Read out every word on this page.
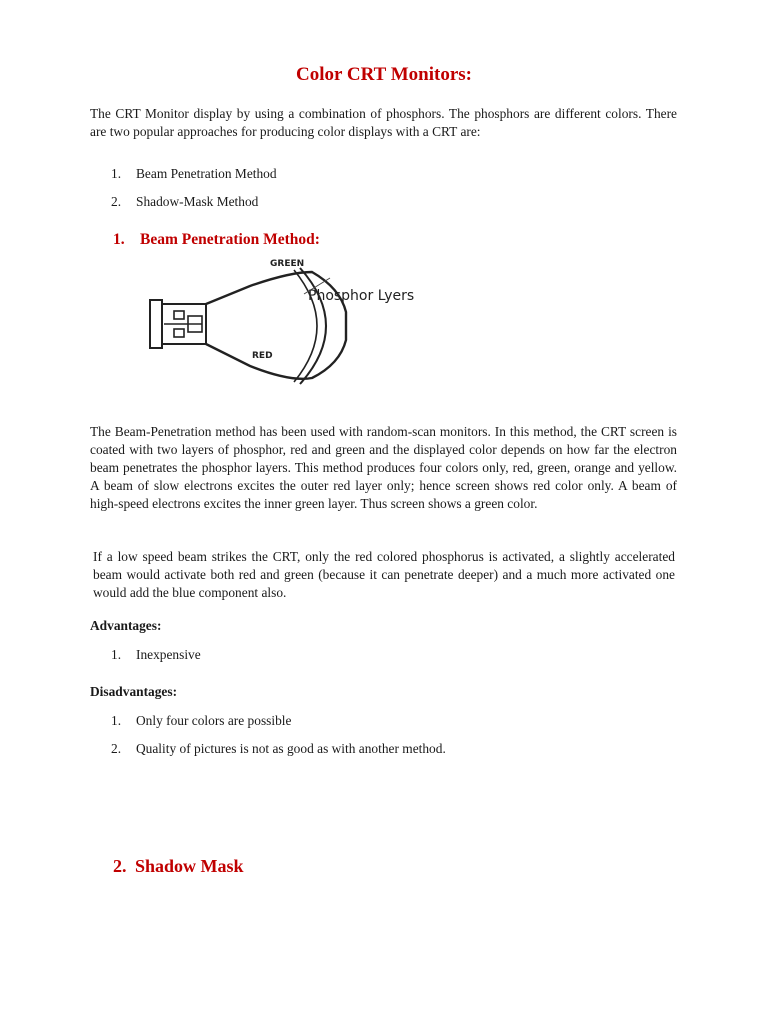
Color CRT Monitors:
The CRT Monitor display by using a combination of phosphors. The phosphors are different colors. There are two popular approaches for producing color displays with a CRT are:
1.	Beam Penetration Method
2.	Shadow-Mask Method
1. Beam Penetration Method:
GREEN
Phosphor Lyers
RED
The Beam-Penetration method has been used with random-scan monitors. In this method, the CRT screen is coated with two layers of phosphor, red and green and the displayed color depends on how far the electron beam penetrates the phosphor layers. This method produces four colors only, red, green, orange and yellow. A beam of slow electrons excites the outer red layer only; hence screen shows red color only. A beam of high-speed electrons excites the inner green layer. Thus screen shows a green color.
If a low speed beam strikes the CRT, only the red colored phosphorus is activated, a slightly accelerated beam would activate both red and green (because it can penetrate deeper) and a much more activated one would add the blue component also.
Advantages:
1.	Inexpensive
Disadvantages:
1.	Only four colors are possible
2.	Quality of pictures is not as good as with another method.
2. Shadow Mask
